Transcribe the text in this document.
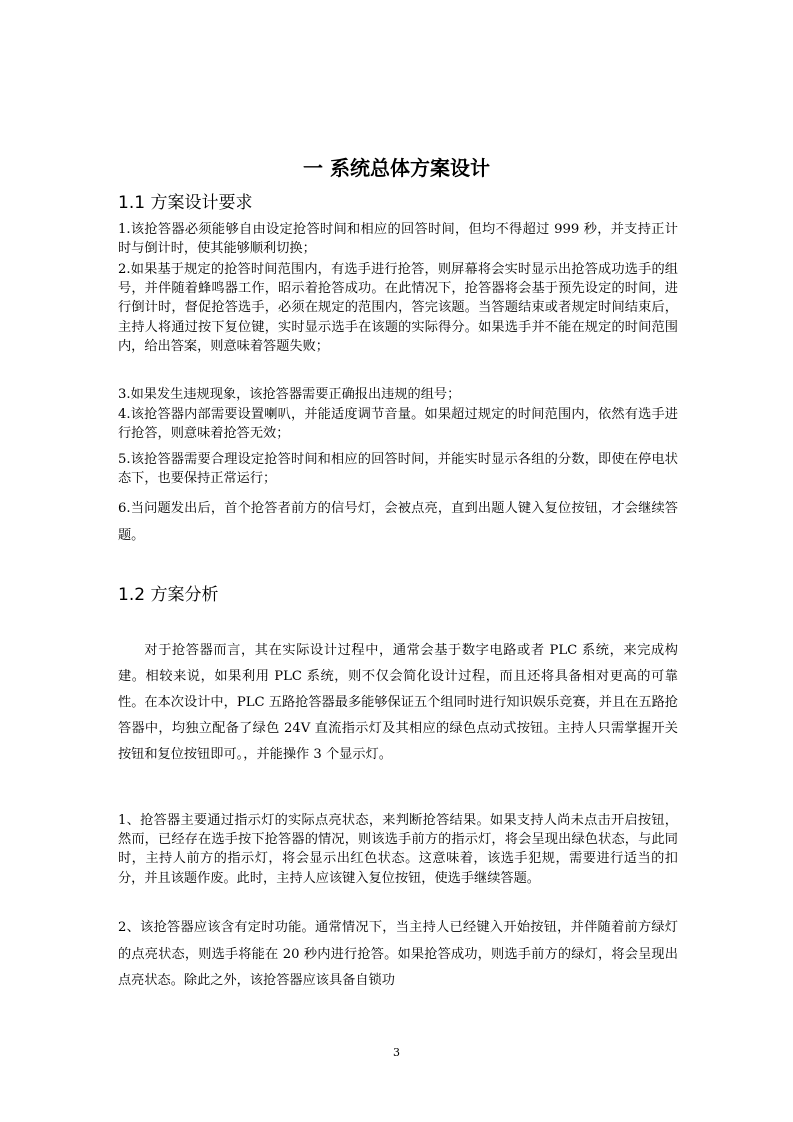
一 系统总体方案设计
1.1 方案设计要求

1.该抢答器必须能够自由设定抢答时间和相应的回答时间，但均不得超过 999 秒，并支持正计时与倒计时，使其能够顺利切换；

2.如果基于规定的抢答时间范围内，有选手进行抢答，则屏幕将会实时显示出抢答成功选手的组号，并伴随着蜂鸣器工作，昭示着抢答成功。在此情况下，抢答器将会基于预先设定的时间，进行倒计时，督促抢答选手，必须在规定的范围内，答完该题。当答题结束或者规定时间结束后，主持人将通过按下复位键，实时显示选手在该题的实际得分。如果选手并不能在规定的时间范围内，给出答案，则意味着答题失败；

3.如果发生违规现象，该抢答器需要正确报出违规的组号；

4.该抢答器内部需要设置喇叭，并能适度调节音量。如果超过规定的时间范围内，依然有选手进行抢答，则意味着抢答无效；

5.该抢答器需要合理设定抢答时间和相应的回答时间，并能实时显示各组的分数，即使在停电状态下，也要保持正常运行；

6.当问题发出后，首个抢答者前方的信号灯，会被点亮，直到出题人键入复位按钮，才会继续答题。

1.2 方案分析

对于抢答器而言，其在实际设计过程中，通常会基于数字电路或者 PLC 系统，来完成构建。相较来说，如果利用 PLC 系统，则不仅会简化设计过程，而且还将具备相对更高的可靠性。在本次设计中，PLC 五路抢答器最多能够保证五个组同时进行知识娱乐竞赛，并且在五路抢答器中，均独立配备了绿色 24V 直流指示灯及其相应的绿色点动式按钮。主持人只需掌握开关按钮和复位按钮即可。，并能操作 3 个显示灯。

1、抢答器主要通过指示灯的实际点亮状态，来判断抢答结果。如果支持人尚未点击开启按钮，然而，已经存在选手按下抢答器的情况，则该选手前方的指示灯，将会呈现出绿色状态，与此同时，主持人前方的指示灯，将会显示出红色状态。这意味着，该选手犯规，需要进行适当的扣分，并且该题作废。此时，主持人应该键入复位按钮，使选手继续答题。

2、该抢答器应该含有定时功能。通常情况下，当主持人已经键入开始按钮，并伴随着前方绿灯的点亮状态，则选手将能在 20 秒内进行抢答。如果抢答成功，则选手前方的绿灯，将会呈现出点亮状态。除此之外，该抢答器应该具备自锁功

3
